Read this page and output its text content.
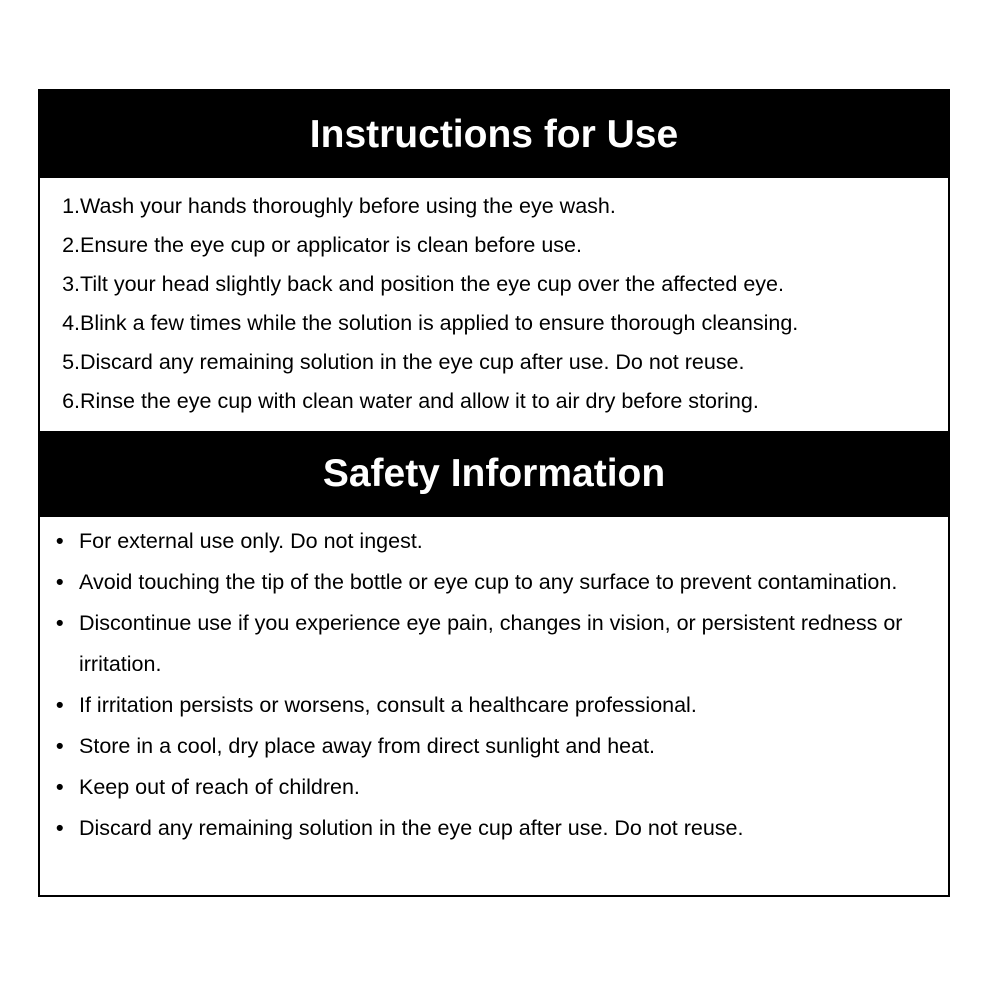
Instructions for Use
1. Wash your hands thoroughly before using the eye wash.
2. Ensure the eye cup or applicator is clean before use.
3. Tilt your head slightly back and position the eye cup over the affected eye.
4. Blink a few times while the solution is applied to ensure thorough cleansing.
5. Discard any remaining solution in the eye cup after use. Do not reuse.
6. Rinse the eye cup with clean water and allow it to air dry before storing.
Safety Information
• For external use only. Do not ingest.
• Avoid touching the tip of the bottle or eye cup to any surface to prevent contamination.
• Discontinue use if you experience eye pain, changes in vision, or persistent redness or irritation.
• If irritation persists or worsens, consult a healthcare professional.
• Store in a cool, dry place away from direct sunlight and heat.
• Keep out of reach of children.
• Discard any remaining solution in the eye cup after use. Do not reuse.
